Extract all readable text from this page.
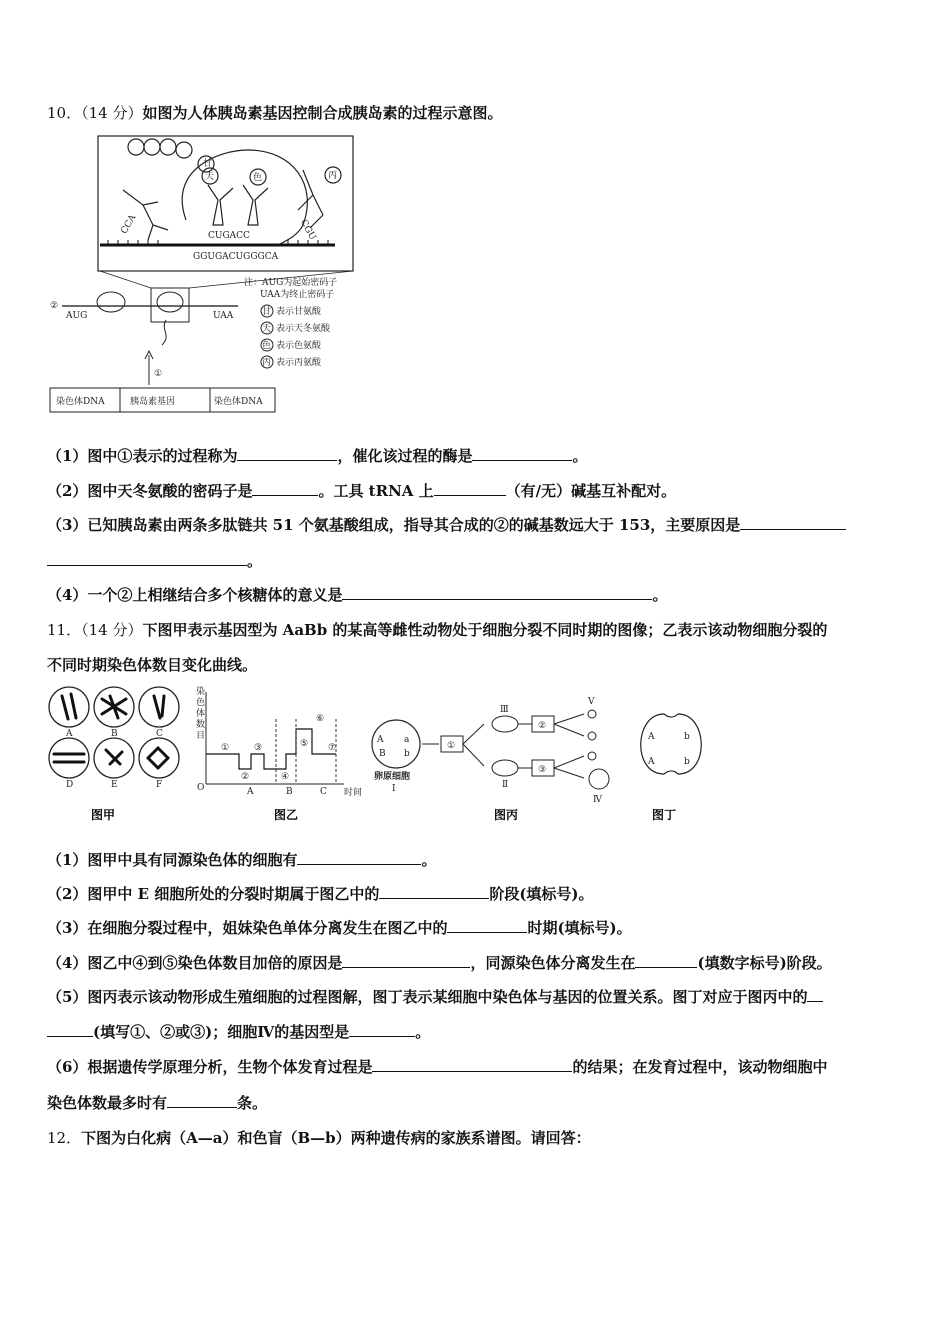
10．（14 分）如图为人体胰岛素基因控制合成胰岛素的过程示意图。
甘
天	色	丙
CCA	CGU
CUGACC
GGUGACUGGGCA
②
AUG	UAA
①
注：AUG为起始密码子
UAA为终止密码子
甘 表示甘氨酸
天 表示天冬氨酸
色 表示色氨酸
丙 表示丙氨酸
染色体DNA	胰岛素基因	染色体DNA
（1）图中①表示的过程称为	，催化该过程的酶是	。
（2）图中天冬氨酸的密码子是	。工具 tRNA 上	（有/无）碱基互补配对。
（3）已知胰岛素由两条多肽链共 51 个氨基酸组成，指导其合成的②的碱基数远大于 153，主要原因是
。
（4）一个②上相继结合多个核糖体的意义是	。
11．（14 分）下图甲表示基因型为 AaBb 的某高等雌性动物处于细胞分裂不同时期的图像；乙表示该动物细胞分裂的
不同时期染色体数目变化曲线。
A	B	C
D	E	F
图甲
染色体数目
O
①
②
③
④
⑤
⑥
⑦
A	B	C 时间
图乙
A a
B b
卵原细胞
Ⅰ
①
Ⅲ
Ⅱ
②
③
Ⅴ
Ⅳ
图丙
A	b
A	b
图丁
（1）图甲中具有同源染色体的细胞有	。
（2）图甲中 E 细胞所处的分裂时期属于图乙中的	阶段(填标号)。
（3）在细胞分裂过程中，姐妹染色单体分离发生在图乙中的	时期(填标号)。
（4）图乙中④到⑤染色体数目加倍的原因是	，同源染色体分离发生在	(填数字标号)阶段。
（5）图丙表示该动物形成生殖细胞的过程图解，图丁表示某细胞中染色体与基因的位置关系。图丁对应于图丙中的
(填写①、②或③)；细胞Ⅳ的基因型是	。
（6）根据遗传学原理分析，生物个体发育过程是	的结果；在发育过程中，该动物细胞中
染色体数最多时有	条。
12．下图为白化病（A—a）和色盲（B—b）两种遗传病的家族系谱图。请回答：
